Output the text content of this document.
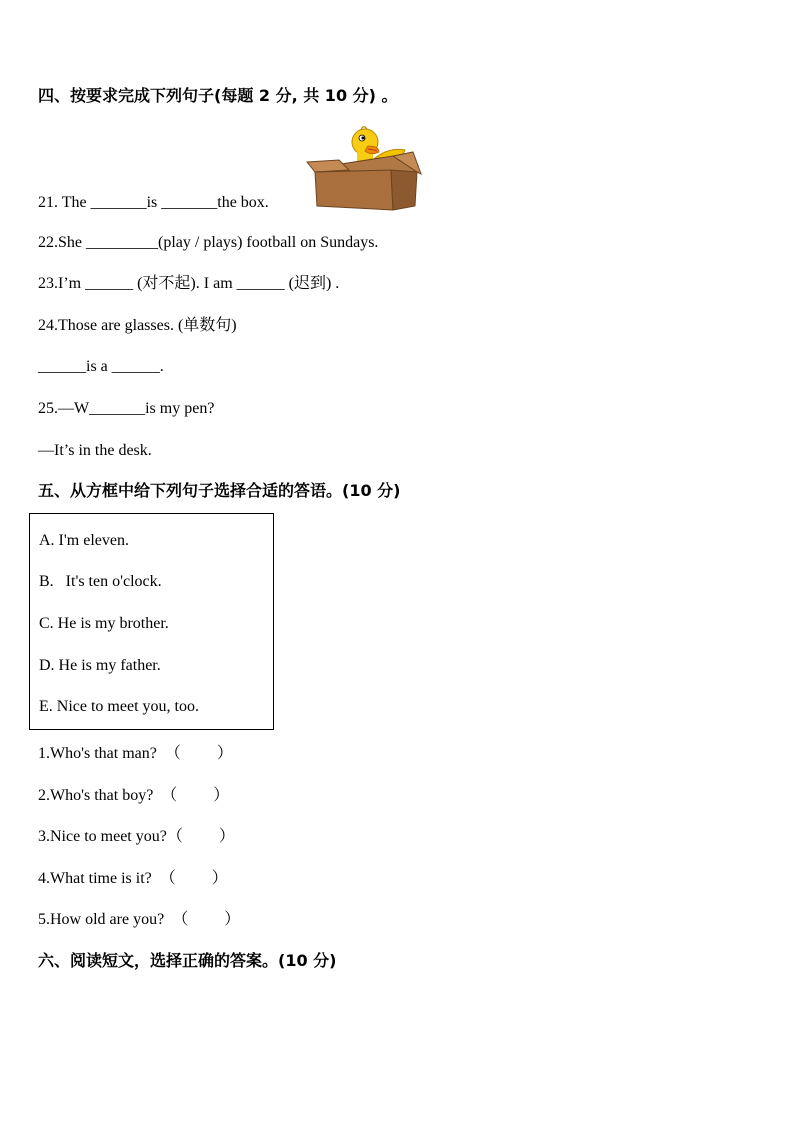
四、按要求完成下列句子(每题 2 分, 共 10 分) 。
21. The _______is _______the box.
22.She _________(play / plays) football on Sundays.
23.I’m ______ (对不起). I am ______ (迟到) .
24.Those are glasses. (单数句)
______is a ______.
25.—W_______is my pen?
—It’s in the desk.
五、从方框中给下列句子选择合适的答语。(10 分)
A. I'm eleven.
B.   It's ten o'clock.
C. He is my brother.
D. He is my father.
E. Nice to meet you, too.
1.Who's that man?  （         ）
2.Who's that boy?  （         ）
3.Nice to meet you?（         ）
4.What time is it?  （         ）
5.How old are you?  （         ）
六、阅读短文，选择正确的答案。(10 分)
